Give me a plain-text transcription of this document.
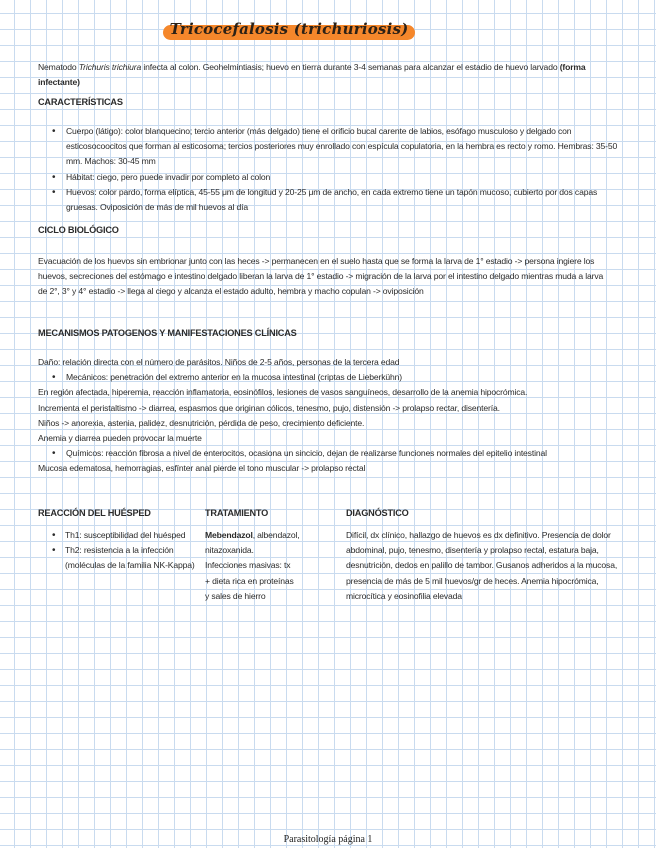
Tricocefalosis (trichuriosis)
Nematodo Trichuris trichiura infecta al colon. Geohelmintiasis; huevo en tierra durante 3-4 semanas para alcanzar el estadio de huevo larvado (forma infectante)
CARACTERÍSTICAS
• Cuerpo (látigo): color blanquecino; tercio anterior (más delgado) tiene el orificio bucal carente de labios, esófago musculoso y delgado con esticosocoocitos que forman al esticosoma; tercios posteriores muy enrollado con espícula copulatoria, en la hembra es recto y romo. Hembras: 35-50 mm. Machos: 30-45 mm
• Hábitat: ciego, pero puede invadir por completo al colon
• Huevos: color pardo, forma elíptica, 45-55 μm de longitud y 20-25 μm de ancho, en cada extremo tiene un tapón mucoso, cubierto por dos capas gruesas. Oviposición de más de mil huevos al día
CICLO BIOLÓGICO
Evacuación de los huevos sin embrionar junto con las heces -> permanecen en el suelo hasta que se forma la larva de 1° estadio -> persona ingiere los huevos, secreciones del estómago e intestino delgado liberan la larva de 1° estadio -> migración de la larva por el intestino delgado mientras muda a larva de 2°, 3° y 4° estadio -> llega al ciego y alcanza el estado adulto, hembra y macho copulan -> oviposición
MECANISMOS PATOGENOS Y MANIFESTACIONES CLÍNICAS
Daño: relación directa con el número de parásitos. Niños de 2-5 años, personas de la tercera edad
• Mecánicos: penetración del extremo anterior en la mucosa intestinal (criptas de Lieberkühn)
En región afectada, hiperemia, reacción inflamatoria, eosinófilos, lesiones de vasos sanguíneos, desarrollo de la anemia hipocrómica.
Incrementa el peristaltismo -> diarrea, espasmos que originan cólicos, tenesmo, pujo, distensión -> prolapso rectar, disentería.
Niños -> anorexia, astenia, palidez, desnutrición, pérdida de peso, crecimiento deficiente.
Anemia y diarrea pueden provocar la muerte
• Químicos: reacción fibrosa a nivel de enterocitos, ocasiona un sincicio, dejan de realizarse funciones normales del epitelio intestinal
Mucosa edematosa, hemorragias, esfínter anal pierde el tono muscular -> prolapso rectal
REACCIÓN DEL HUÉSPED
• Th1: susceptibilidad del huésped
• Th2: resistencia a la infección (moléculas de la familia NK-Kappa)
TRATAMIENTO
Mebendazol, albendazol, nitazoxanida.
Infecciones masivas: tx
+ dieta rica en proteínas
y sales de hierro
DIAGNÓSTICO
Difícil, dx clínico, hallazgo de huevos es dx definitivo. Presencia de dolor abdominal, pujo, tenesmo, disentería y prolapso rectal, estatura baja, desnutrición, dedos en palillo de tambor. Gusanos adheridos a la mucosa, presencia de más de 5 mil huevos/gr de heces. Anemia hipocrómica, microcítica y eosinofilia elevada
Parasitología página 1
